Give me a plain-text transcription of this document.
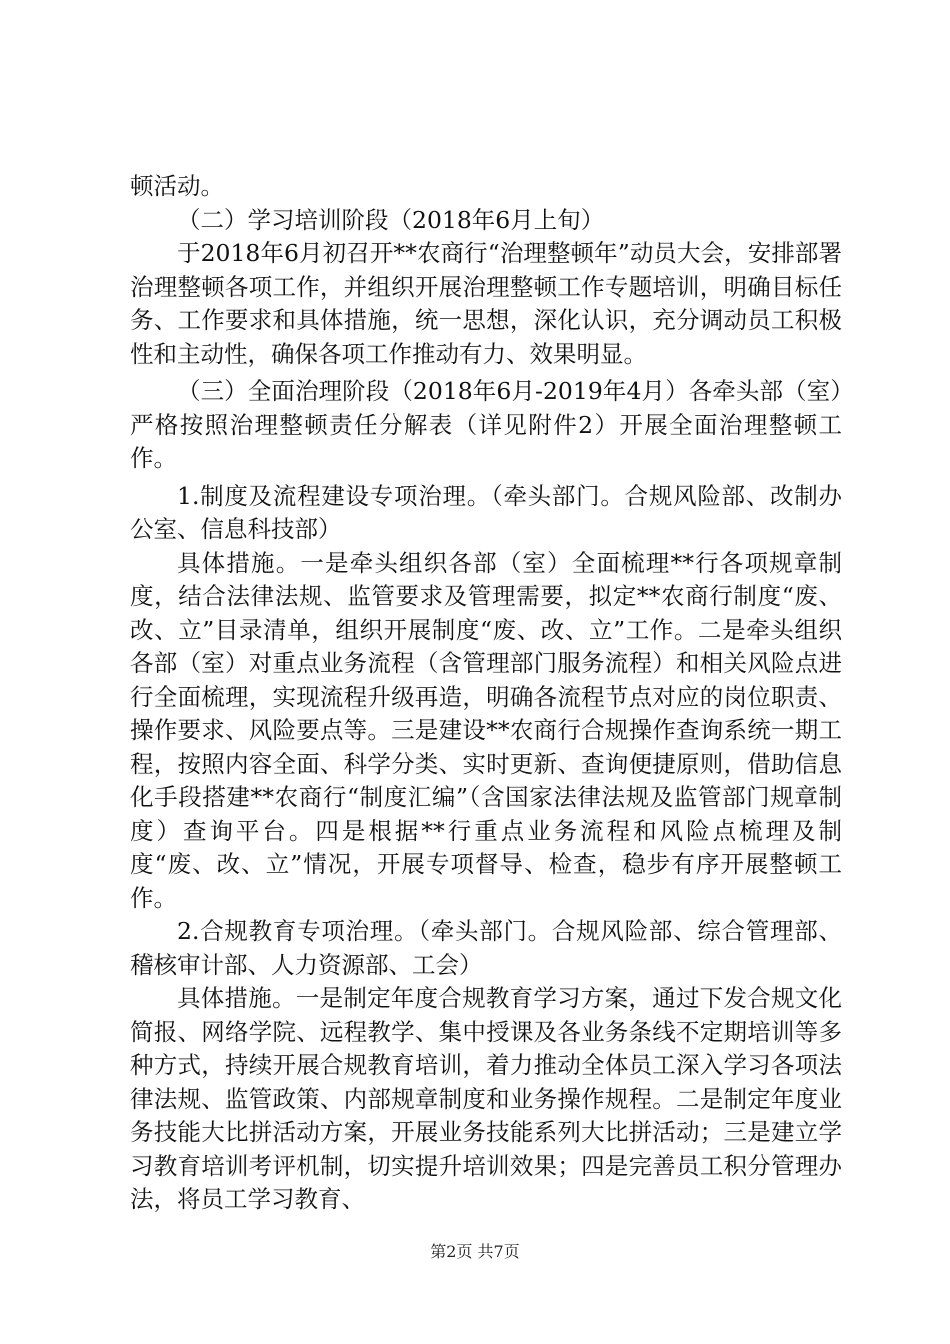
顿活动。

（二）学习培训阶段（2018年6月上旬）

于2018年6月初召开**农商行“治理整顿年”动员大会，安排部署治理整顿各项工作，并组织开展治理整顿工作专题培训，明确目标任务、工作要求和具体措施，统一思想，深化认识，充分调动员工积极性和主动性，确保各项工作推动有力、效果明显。

（三）全面治理阶段（2018年6月-2019年4月）各牵头部（室）严格按照治理整顿责任分解表（详见附件2）开展全面治理整顿工作。

1.制度及流程建设专项治理。（牵头部门。合规风险部、改制办公室、信息科技部）

具体措施。一是牵头组织各部（室）全面梳理**行各项规章制度，结合法律法规、监管要求及管理需要，拟定**农商行制度“废、改、立”目录清单，组织开展制度“废、改、立”工作。二是牵头组织各部（室）对重点业务流程（含管理部门服务流程）和相关风险点进行全面梳理，实现流程升级再造，明确各流程节点对应的岗位职责、操作要求、风险要点等。三是建设**农商行合规操作查询系统一期工程，按照内容全面、科学分类、实时更新、查询便捷原则，借助信息化手段搭建**农商行“制度汇编”（含国家法律法规及监管部门规章制度）查询平台。四是根据**行重点业务流程和风险点梳理及制度“废、改、立”情况，开展专项督导、检查，稳步有序开展整顿工作。

2.合规教育专项治理。（牵头部门。合规风险部、综合管理部、稽核审计部、人力资源部、工会）

具体措施。一是制定年度合规教育学习方案，通过下发合规文化简报、网络学院、远程教学、集中授课及各业务条线不定期培训等多种方式，持续开展合规教育培训，着力推动全体员工深入学习各项法律法规、监管政策、内部规章制度和业务操作规程。二是制定年度业务技能大比拼活动方案，开展业务技能系列大比拼活动；三是建立学习教育培训考评机制，切实提升培训效果；四是完善员工积分管理办法，将员工学习教育、

第2页 共7页
